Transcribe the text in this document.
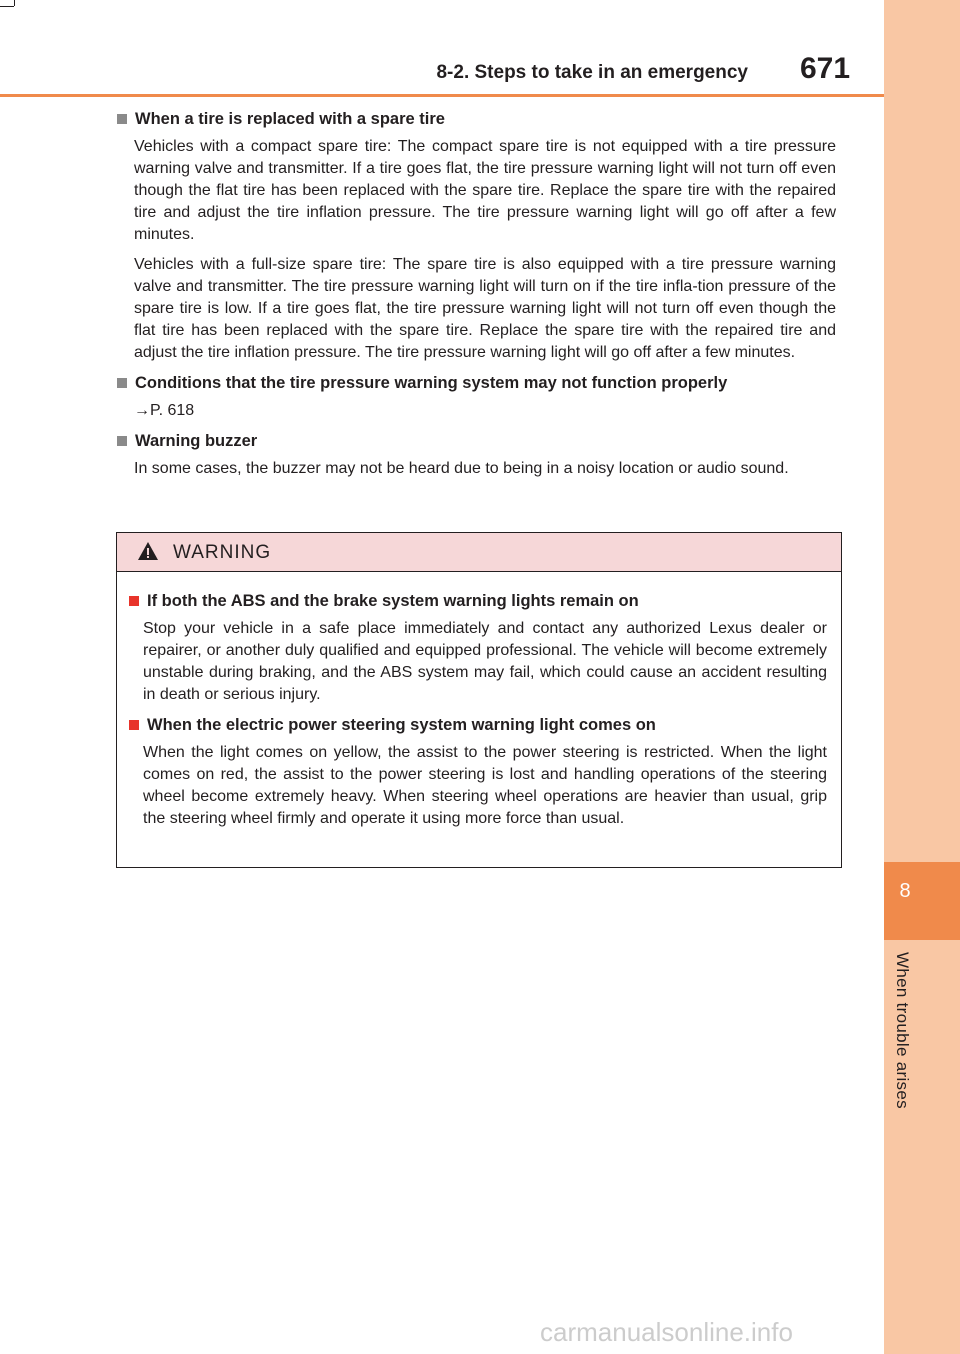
8-2. Steps to take in an emergency 671
8
When trouble arises
When a tire is replaced with a spare tire

Vehicles with a compact spare tire: The compact spare tire is not equipped with a tire pressure warning valve and transmitter. If a tire goes flat, the tire pressure warning light will not turn off even though the flat tire has been replaced with the spare tire. Replace the spare tire with the repaired tire and adjust the tire inflation pressure. The tire pressure warning light will go off after a few minutes.

Vehicles with a full-size spare tire: The spare tire is also equipped with a tire pressure warning valve and transmitter. The tire pressure warning light will turn on if the tire infla-tion pressure of the spare tire is low. If a tire goes flat, the tire pressure warning light will not turn off even though the flat tire has been replaced with the spare tire. Replace the spare tire with the repaired tire and adjust the tire inflation pressure. The tire pressure warning light will go off after a few minutes.

Conditions that the tire pressure warning system may not function properly
→P. 618
Warning buzzer

In some cases, the buzzer may not be heard due to being in a noisy location or audio sound.

WARNING
If both the ABS and the brake system warning lights remain on

Stop your vehicle in a safe place immediately and contact any authorized Lexus dealer or repairer, or another duly qualified and equipped professional. The vehicle will become extremely unstable during braking, and the ABS system may fail, which could cause an accident resulting in death or serious injury.

When the electric power steering system warning light comes on

When the light comes on yellow, the assist to the power steering is restricted. When the light comes on red, the assist to the power steering is lost and handling operations of the steering wheel become extremely heavy. When steering wheel operations are heavier than usual, grip the steering wheel firmly and operate it using more force than usual.

carmanualsonline.info
